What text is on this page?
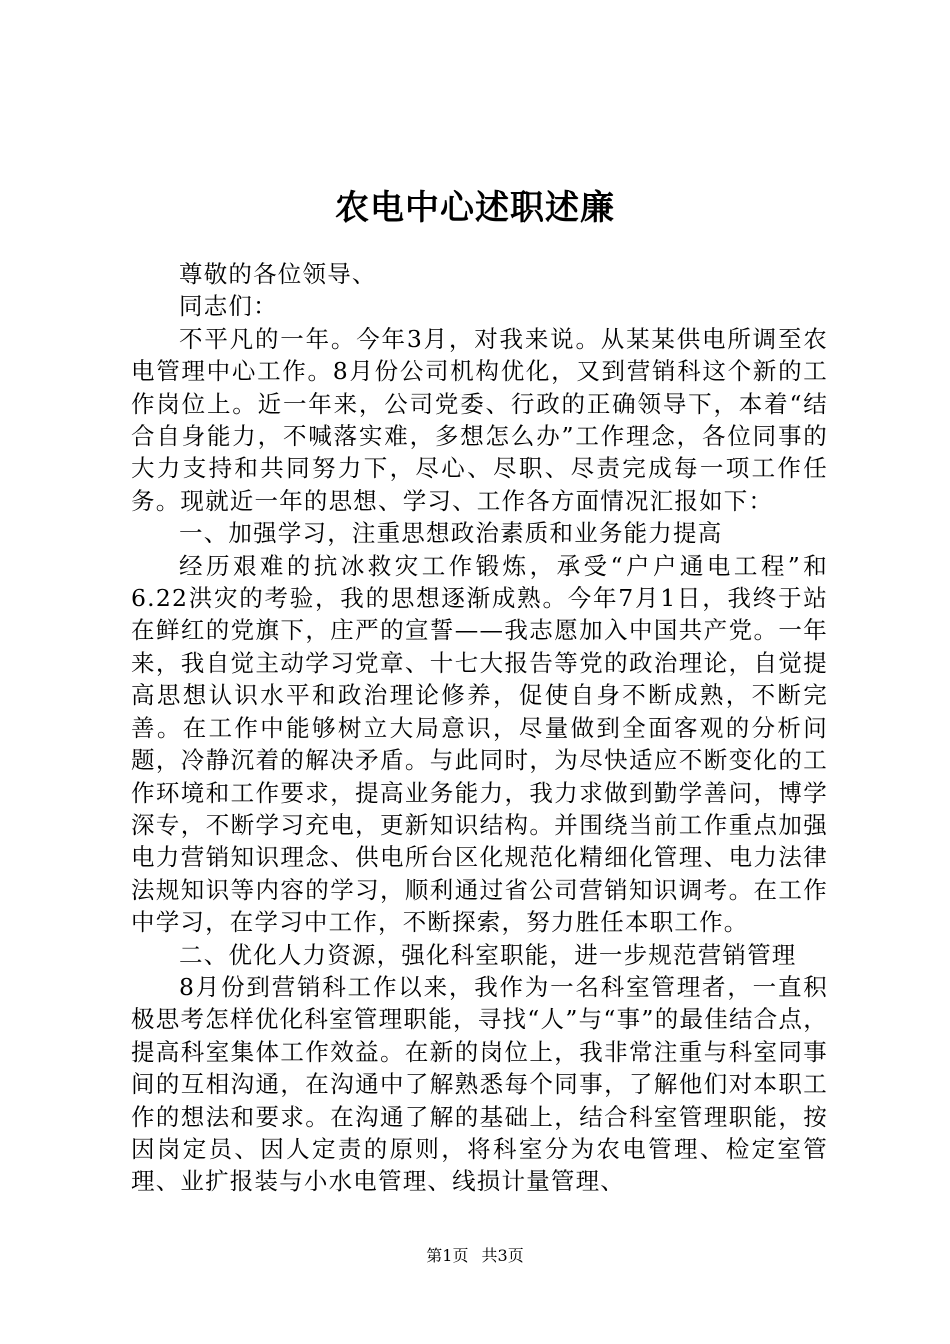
农电中心述职述廉

尊敬的各位领导、

同志们：

不平凡的一年。今年3月，对我来说。从某某供电所调至农电管理中心工作。8月份公司机构优化，又到营销科这个新的工作岗位上。近一年来，公司党委、行政的正确领导下，本着“结合自身能力，不喊落实难，多想怎么办”工作理念，各位同事的大力支持和共同努力下，尽心、尽职、尽责完成每一项工作任务。现就近一年的思想、学习、工作各方面情况汇报如下：

一、加强学习，注重思想政治素质和业务能力提高

经历艰难的抗冰救灾工作锻炼，承受“户户通电工程”和6.22洪灾的考验，我的思想逐渐成熟。今年7月1日，我终于站在鲜红的党旗下，庄严的宣誓——我志愿加入中国共产党。一年来，我自觉主动学习党章、十七大报告等党的政治理论，自觉提高思想认识水平和政治理论修养，促使自身不断成熟，不断完善。在工作中能够树立大局意识，尽量做到全面客观的分析问题，冷静沉着的解决矛盾。与此同时，为尽快适应不断变化的工作环境和工作要求，提高业务能力，我力求做到勤学善问，博学深专，不断学习充电，更新知识结构。并围绕当前工作重点加强电力营销知识理念、供电所台区化规范化精细化管理、电力法律法规知识等内容的学习，顺利通过省公司营销知识调考。在工作中学习，在学习中工作，不断探索，努力胜任本职工作。

二、优化人力资源，强化科室职能，进一步规范营销管理

8月份到营销科工作以来，我作为一名科室管理者，一直积极思考怎样优化科室管理职能，寻找“人”与“事”的最佳结合点，提高科室集体工作效益。在新的岗位上，我非常注重与科室同事间的互相沟通，在沟通中了解熟悉每个同事，了解他们对本职工作的想法和要求。在沟通了解的基础上，结合科室管理职能，按因岗定员、因人定责的原则，将科室分为农电管理、检定室管理、业扩报装与小水电管理、线损计量管理、

第1页 共3页
